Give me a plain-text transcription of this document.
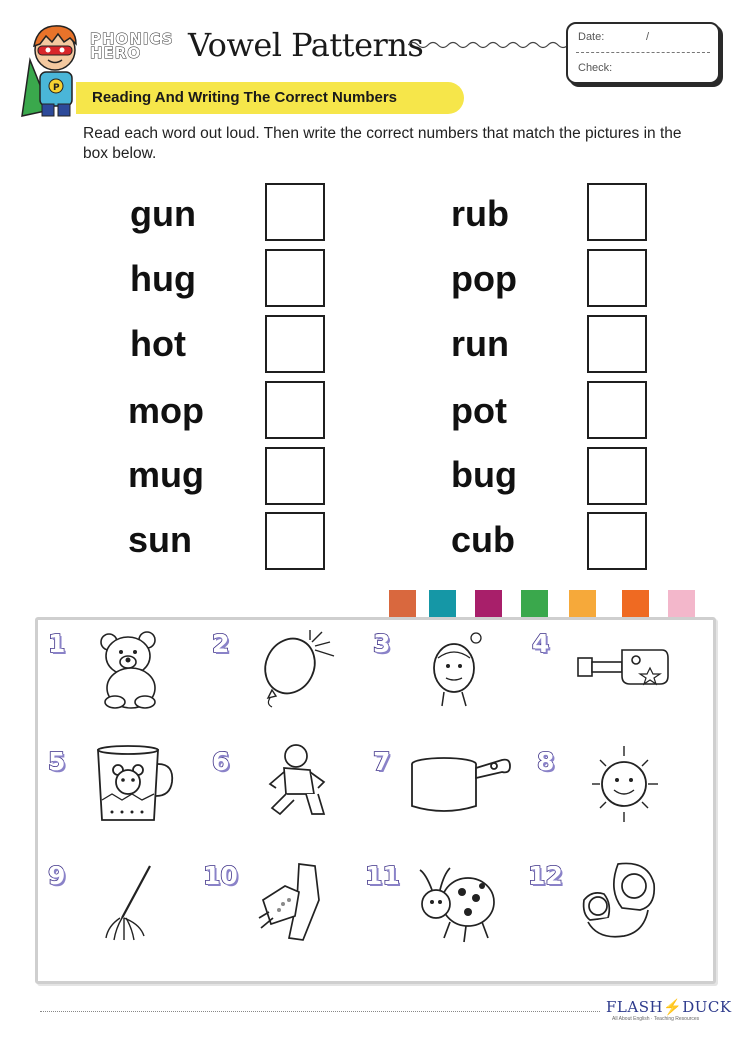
P
PHONICS
HERO	Vowel Patterns	Date:	/
Check:
Reading And Writing The Correct Numbers
Read each word out loud. Then write the correct numbers that match the pictures in the box below.
gun
hug
hot
mop
mug
sun
rub
pop
run
pot
bug
cub
1	2	3	4
5	6	7	8
9	10	11	12
FLASH⚡DUCK
All About English · Teaching Resources
